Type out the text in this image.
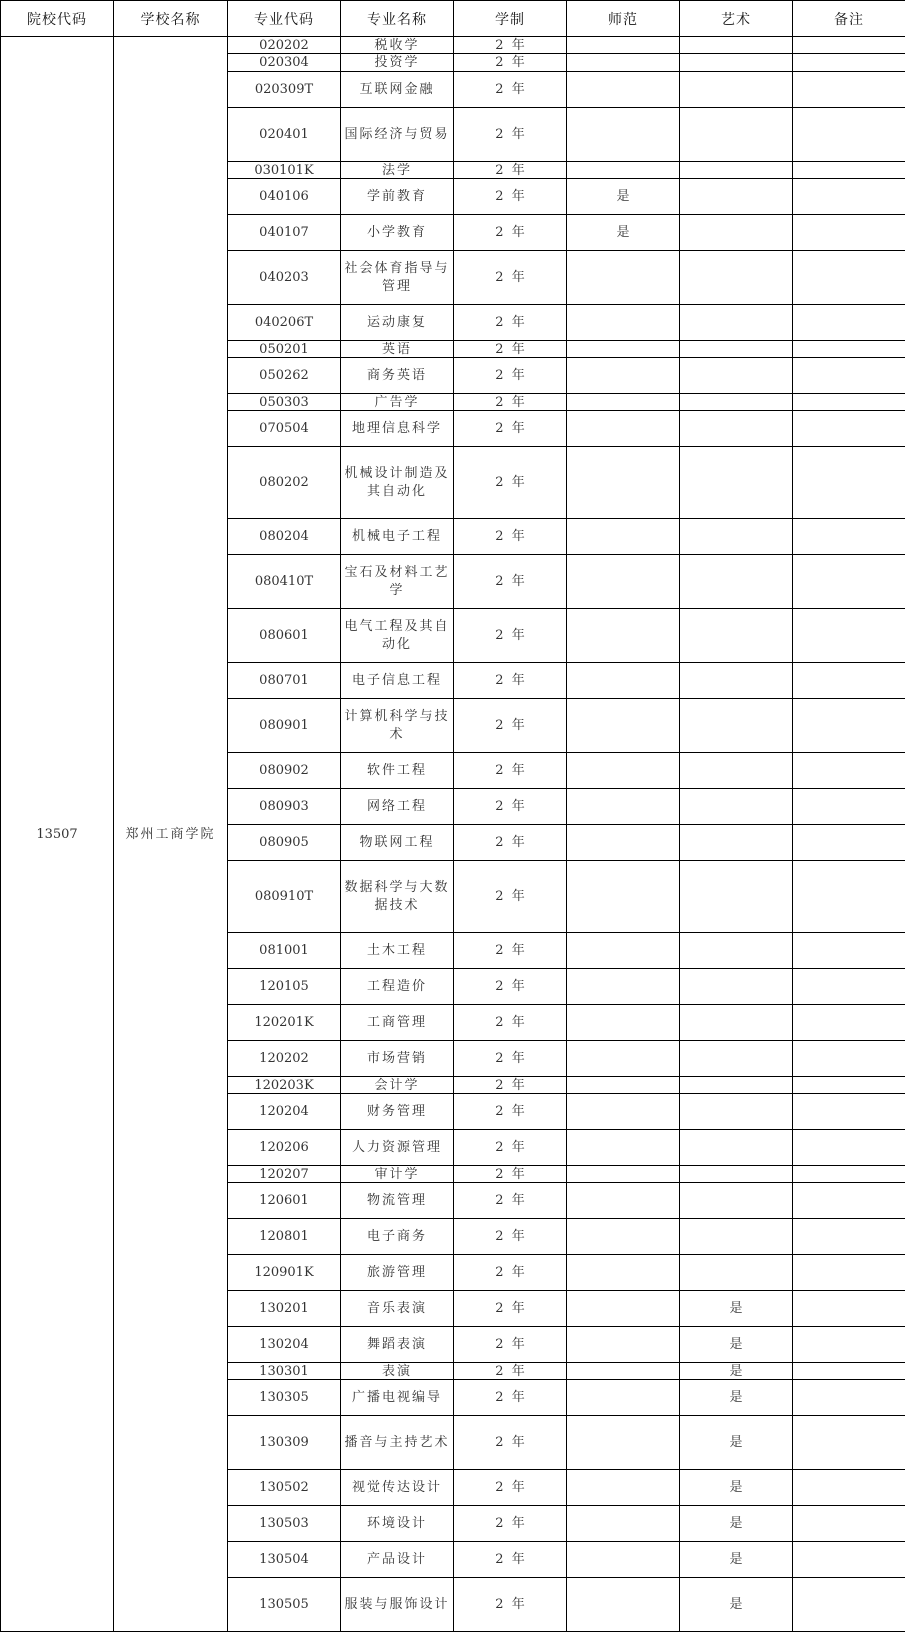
院校代码	学校名称	专业代码	专业名称	学制	师范	艺术	备注
13507	郑州工商学院	020202	税收学	2 年			
		020304	投资学	2 年			
		020309T	互联网金融	2 年			
		020401	国际经济与贸易	2 年			
		030101K	法学	2 年			
		040106	学前教育	2 年	是		
		040107	小学教育	2 年	是		
		040203	社会体育指导与管理	2 年			
		040206T	运动康复	2 年			
		050201	英语	2 年			
		050262	商务英语	2 年			
		050303	广告学	2 年			
		070504	地理信息科学	2 年			
		080202	机械设计制造及其自动化	2 年			
		080204	机械电子工程	2 年			
		080410T	宝石及材料工艺学	2 年			
		080601	电气工程及其自动化	2 年			
		080701	电子信息工程	2 年			
		080901	计算机科学与技术	2 年			
		080902	软件工程	2 年			
		080903	网络工程	2 年			
		080905	物联网工程	2 年			
		080910T	数据科学与大数据技术	2 年			
		081001	土木工程	2 年			
		120105	工程造价	2 年			
		120201K	工商管理	2 年			
		120202	市场营销	2 年			
		120203K	会计学	2 年			
		120204	财务管理	2 年			
		120206	人力资源管理	2 年			
		120207	审计学	2 年			
		120601	物流管理	2 年			
		120801	电子商务	2 年			
		120901K	旅游管理	2 年			
		130201	音乐表演	2 年		是	
		130204	舞蹈表演	2 年		是	
		130301	表演	2 年		是	
		130305	广播电视编导	2 年		是	
		130309	播音与主持艺术	2 年		是	
		130502	视觉传达设计	2 年		是	
		130503	环境设计	2 年		是	
		130504	产品设计	2 年		是	
		130505	服装与服饰设计	2 年		是	
